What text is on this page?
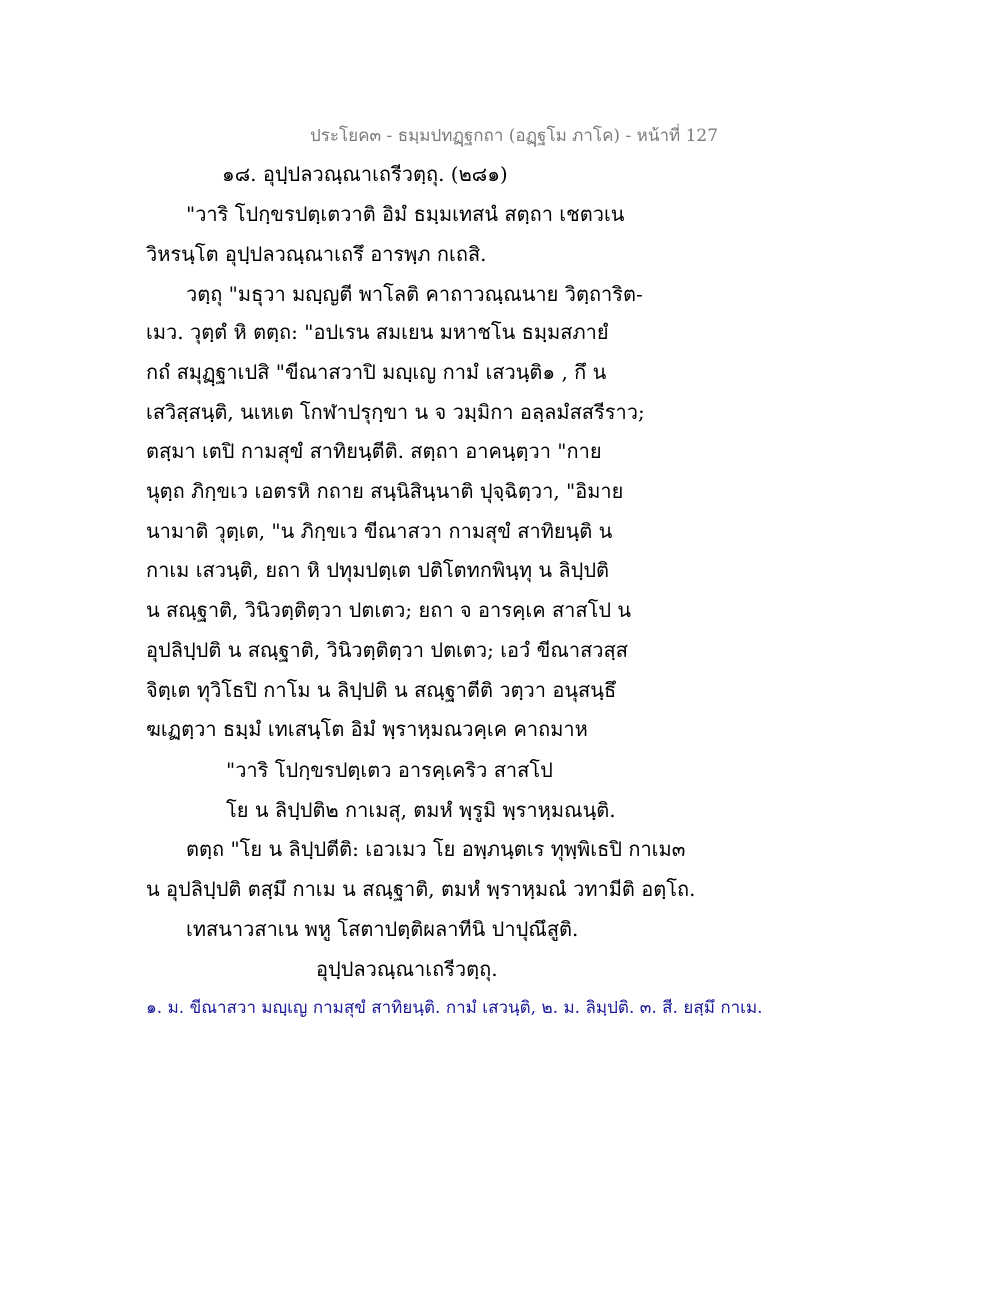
ประโยค๓ - ธมฺมปทฏฺฐกถา (อฏฺฐโม ภาโค) - หน้าที่ 127
๑๘. อุปฺปลวณฺณาเถรีวตฺถุ. (๒๘๑)
"วาริ โปกฺขรปตฺเตวาติ อิมํ ธมฺมเทสนํ สตฺถา เชตวเน
วิหรนฺโต อุปฺปลวณฺณาเถรึ อารพฺภ กเถสิ.
วตฺถุ "มธุวา มญฺญตี พาโลติ คาถาวณฺณนาย วิตฺถาริต-
เมว. วุตฺตํ หิ ตตฺถ: "อปเรน สมเยน มหาชโน ธมฺมสภายํ
กถํ สมุฏฺฐาเปสิ "ขีณาสวาปิ มญฺเญ กามํ เสวนฺติ๑ , กึ น
เสวิสฺสนฺติ, นเหเต โกฬาปรุกฺขา น จ วมฺมิกา อลฺลมํสสรีราว;
ตสฺมา เตปิ กามสุขํ สาทิยนฺตีติ. สตฺถา อาคนฺตฺวา "กาย
นุตฺถ ภิกฺขเว เอตรหิ กถาย สนฺนิสินฺนาติ ปุจฺฉิตฺวา, "อิมาย
นามาติ วุตฺเต, "น ภิกฺขเว ขีณาสวา กามสุขํ สาทิยนฺติ น
กาเม เสวนฺติ, ยถา หิ ปทุมปตฺเต ปติโตทกพินฺทุ น ลิปฺปติ
น สณฺฐาติ, วินิวตฺติตฺวา ปตเตว; ยถา จ อารคฺเค สาสโป น
อุปลิปฺปติ น สณฺฐาติ, วินิวตฺติตฺวา ปตเตว; เอวํ ขีณาสวสฺส
จิตฺเต ทุวิโธปิ กาโม น ลิปฺปติ น สณฺฐาตีติ วตฺวา อนุสนฺธึ
ฆเฏตฺวา ธมฺมํ เทเสนฺโต อิมํ พฺราหฺมณวคฺเค คาถมาห
"วาริ โปกฺขรปตฺเตว อารคฺเคริว สาสโป
โย น ลิปฺปติ๒ กาเมสุ, ตมหํ พฺรูมิ พฺราหฺมณนฺติ.
ตตฺถ "โย น ลิปฺปตีติ: เอวเมว โย อพฺภนฺตเร ทุพฺพิเธปิ กาเม๓
น อุปลิปฺปติ ตสฺมึ กาเม น สณฺฐาติ, ตมหํ พฺราหฺมณํ วทามีติ อตฺโถ.
เทสนาวสาเน พหู โสตาปตฺติผลาทีนิ ปาปุณึสูติ.
อุปฺปลวณฺณาเถรีวตฺถุ.
๑. ม. ขีณาสวา มญฺเญ กามสุขํ สาทิยนฺติ. กามํ เสวนฺติ, ๒. ม. ลิมฺปติ. ๓. สี. ยสฺมึ กาเม.
